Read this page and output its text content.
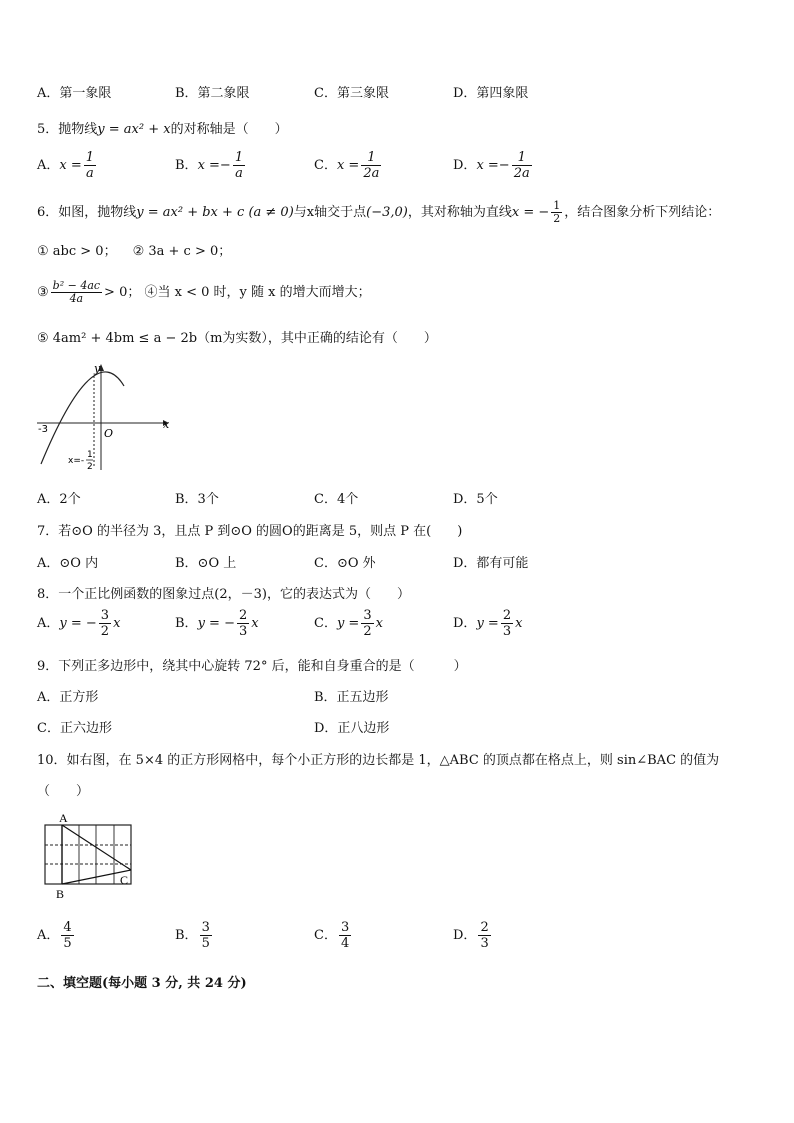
A．第一象限	B．第二象限	C．第三象限	D．第四象限
5．抛物线y = ax² + x的对称轴是（　　）
A．$x = \frac{1}{a}$	B．$x =- \frac{1}{a}$	C．$x = \frac{1}{2a}$	D．$x =- \frac{1}{2a}$
6．如图，抛物线y = ax² + bx + c (a ≠ 0)与x轴交于点(−3,0)，其对称轴为直线x = − $\frac{1}{2}$ ，结合图象分析下列结论：
① abc > 0； ② 3a + c > 0；
③ $\frac{\text{b² − 4ac}}{4a} > 0$； ④当 x < 0 时，y 随 x 的增大而增大；
⑤ 4am² + 4bm ≤ a − 2b（m为实数），其中正确的结论有（　　）
y
x
O
-3
x=-
1
2
A．2个	B．3个	C．4个	D．5个
7．若⊙O 的半径为 3，且点 P 到⊙O 的圆O的距离是 5，则点 P 在(　　)
A．⊙O 内	B．⊙O 上	C．⊙O 外	D．都有可能
8．一个正比例函数的图象过点(2，－3)，它的表达式为（　　）
A．y = − $\frac{3}{2}$ x	B．y = − $\frac{2}{3}$ x	C．$y = \frac{3}{2}$ x	D．$y = \frac{2}{3}$ x
9．下列正多边形中，绕其中心旋转 72° 后，能和自身重合的是（　　　）
A．正方形	B．正五边形
C．正六边形	D．正八边形
10．如右图，在 5×4 的正方形网格中，每个小正方形的边长都是 1，△ABC 的顶点都在格点上，则 sin∠BAC 的值为
（　　）
A
B
C
A． $\frac{4}{5}$	B． $\frac{3}{5}$	C． $\frac{3}{4}$	D． $\frac{2}{3}$
二、填空题(每小题 3 分, 共 24 分)
